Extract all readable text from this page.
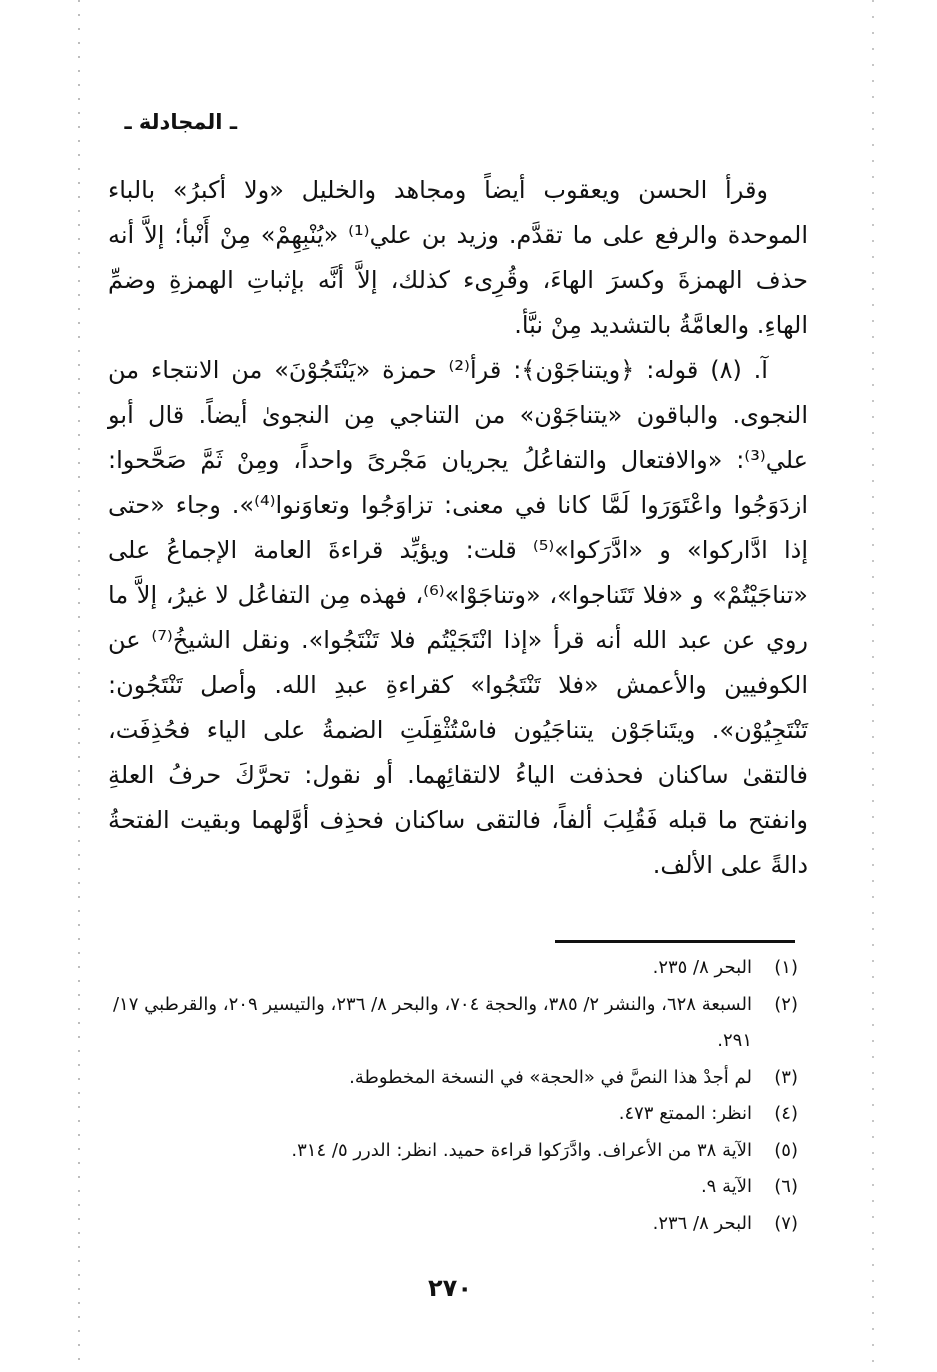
ـ المجادلة ـ

وقرأ الحسن ويعقوب أيضاً ومجاهد والخليل «ولا أكبرُ» بالباء الموحدة والرفع على ما تقدَّم. وزيد بن علي⁽¹⁾ «يُنْبِهِمْ» مِنْ أَنْبأ؛ إلاَّ أنه حذف الهمزةَ وكسرَ الهاءَ، وقُرِىء كذلك، إلاَّ أنَّه بإثباتِ الهمزةِ وضمِّ الهاءِ. والعامَّةُ بالتشديد مِنْ نبَّأ.

آ. (٨) قوله: ﴿ويتناجَوْن﴾: قرأ⁽²⁾ حمزة «يَنْتَجُوْنَ» من الانتجاء من النجوى. والباقون «يتناجَوْن» من التناجي مِن النجوىٰ أيضاً. قال أبو علي⁽³⁾: «والافتعال والتفاعُلُ يجريان مَجْرىً واحداً، ومِنْ ثَمَّ صَحَّحوا: ازدَوَجُوا واعْتَوَرَوا لَمَّا كانا في معنى: تزاوَجُوا وتعاوَنوا⁽⁴⁾». وجاء «حتى إذا ادَّاركوا» و «ادَّرَكوا»⁽⁵⁾ قلت: ويؤيِّد قراءةَ العامة الإجماعُ على «تناجَيْتُمْ» و «فلا تَتَناجوا»، «وتناجَوْا»⁽⁶⁾، فهذه مِن التفاعُل لا غيرُ، إلاَّ ما روي عن عبد الله أنه قرأ «إذا انْتَجَيْتُم فلا تَنْتَجُوا». ونقل الشيخُ⁽⁷⁾ عن الكوفيين والأعمش «فلا تَنْتَجُوا» كقراءةِ عبدِ الله. وأصل تَنْتَجُون: تَنْتَجِيُوْن». ويتَناجَوْن يتناجَيُون فاسْتُثْقِلَتِ الضمةُ على الياء فحُذِفَت، فالتقىٰ ساكنان فحذفت الياءُ لالتقائِهما. أو نقول: تحرَّكَ حرفُ العلةِ وانفتح ما قبله فَقُلِبَ ألفاً، فالتقى ساكنان فحذِف أوَّلهما وبقيت الفتحةُ دالةً على الألف.

(١)
البحر ٨/ ٢٣٥.
(٢)
السبعة ٦٢٨، والنشر ٢/ ٣٨٥، والحجة ٧٠٤، والبحر ٨/ ٢٣٦، والتيسير ٢٠٩، والقرطبي ١٧/ ٢٩١.
(٣)
لم أجدْ هذا النصَّ في «الحجة» في النسخة المخطوطة.
(٤)
انظر: الممتع ٤٧٣.
(٥)
الآية ٣٨ من الأعراف. وادَّرَكوا قراءة حميد. انظر: الدرر ٥/ ٣١٤.
(٦)
الآية ٩.
(٧)
البحر ٨/ ٢٣٦.
٢٧٠
